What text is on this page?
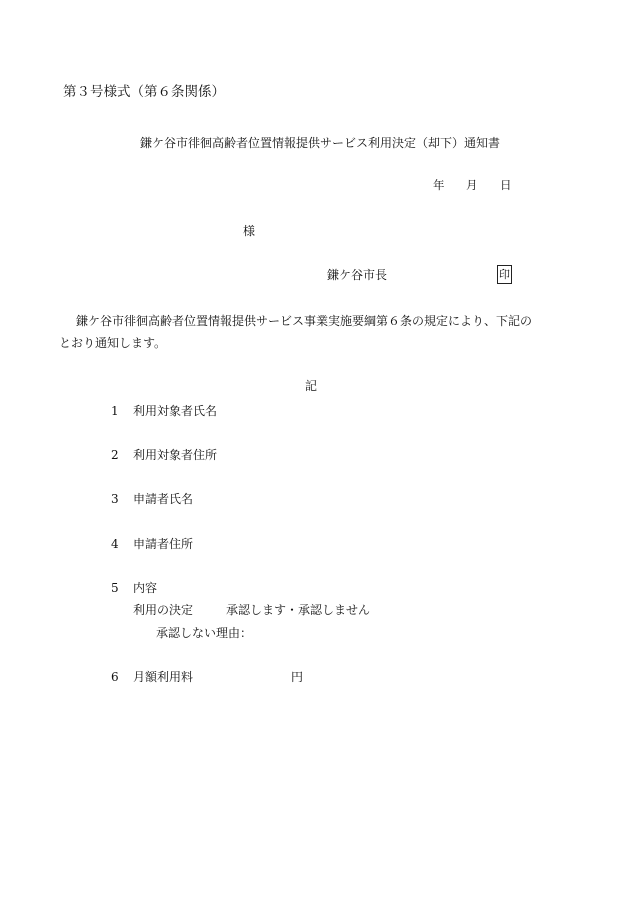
第３号様式（第６条関係）
鎌ケ谷市徘徊高齢者位置情報提供サービス利用決定（却下）通知書
年 月 日
様
鎌ケ谷市長	印
鎌ケ谷市徘徊高齢者位置情報提供サービス事業実施要綱第６条の規定により、下記の
とおり通知します。
記
1 利用対象者氏名
2 利用対象者住所
3 申請者氏名
4 申請者住所
5 内容
利用の決定	承認します・承認しません
承認しない理由：
6 月額利用料	円
